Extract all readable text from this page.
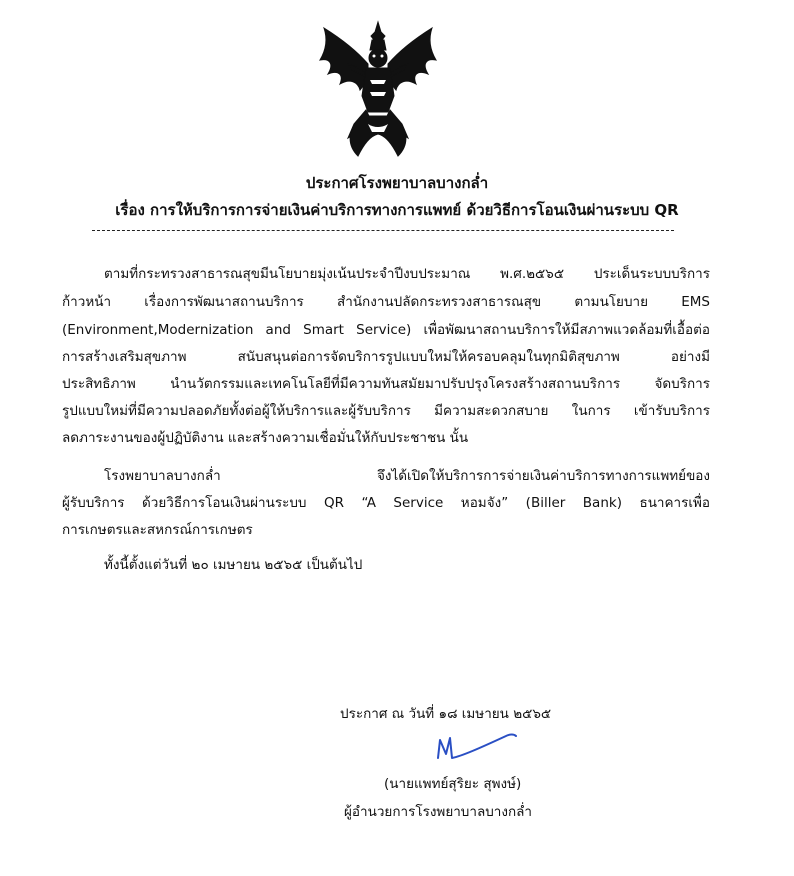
ประกาศโรงพยาบาลบางกล่ำ
เรื่อง การให้บริการการจ่ายเงินค่าบริการทางการแพทย์ ด้วยวิธีการโอนเงินผ่านระบบ QR
ตามที่กระทรวงสาธารณสุขมีนโยบายมุ่งเน้นประจำปีงบประมาณ พ.ศ.๒๕๖๕ ประเด็นระบบบริการ
ก้าวหน้า เรื่องการพัฒนาสถานบริการ สำนักงานปลัดกระทรวงสาธารณสุข ตามนโยบาย EMS
(Environment,Modernization and Smart Service) เพื่อพัฒนาสถานบริการให้มีสภาพแวดล้อมที่เอื้อต่อ
การสร้างเสริมสุขภาพ สนับสนุนต่อการจัดบริการรูปแบบใหม่ให้ครอบคลุมในทุกมิติสุขภาพ อย่างมี
ประสิทธิภาพ นำนวัตกรรมและเทคโนโลยีที่มีความทันสมัยมาปรับปรุงโครงสร้างสถานบริการ จัดบริการ
รูปแบบใหม่ที่มีความปลอดภัยทั้งต่อผู้ให้บริการและผู้รับบริการ มีความสะดวกสบาย ในการ เข้ารับบริการ
ลดภาระงานของผู้ปฏิบัติงาน และสร้างความเชื่อมั่นให้กับประชาชน นั้น
โรงพยาบาลบางกล่ำ จึงได้เปิดให้บริการการจ่ายเงินค่าบริการทางการแพทย์ของ
ผู้รับบริการ ด้วยวิธีการโอนเงินผ่านระบบ QR “A Service หอมจัง” (Biller Bank) ธนาคารเพื่อ
การเกษตรและสหกรณ์การเกษตร
ทั้งนี้ตั้งแต่วันที่ ๒๐ เมษายน ๒๕๖๕ เป็นต้นไป
ประกาศ ณ วันที่ ๑๘ เมษายน ๒๕๖๕
(นายแพทย์สุริยะ สุพงษ์)
ผู้อำนวยการโรงพยาบาลบางกล่ำ
